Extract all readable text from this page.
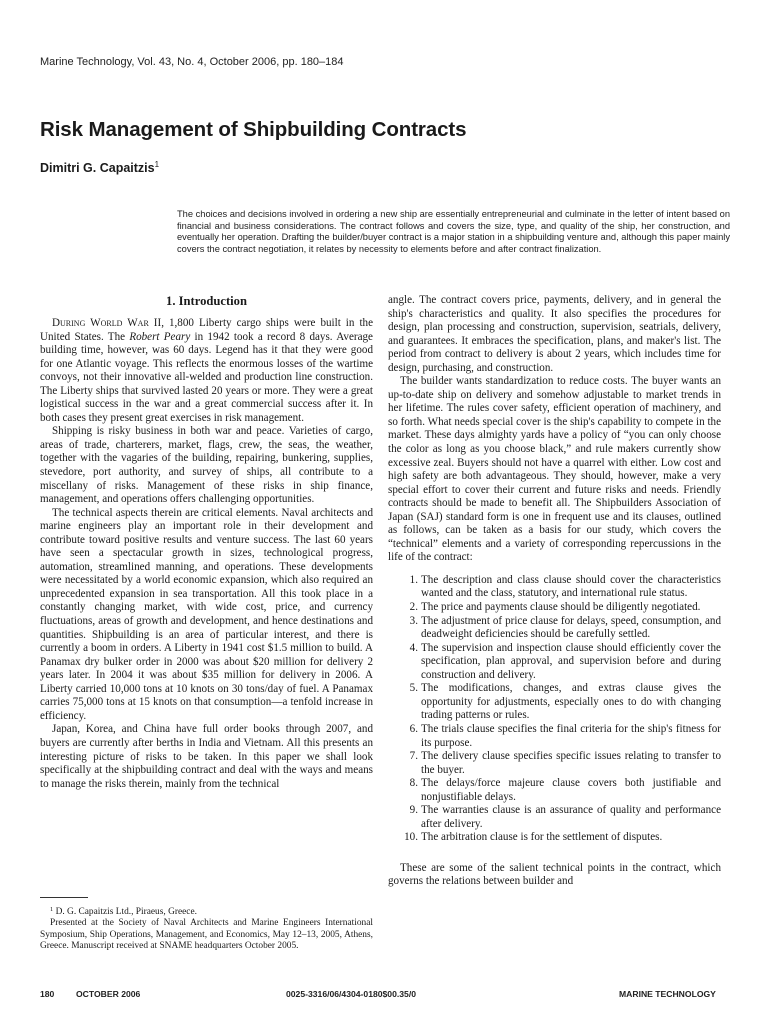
Marine Technology, Vol. 43, No. 4, October 2006, pp. 180–184
Risk Management of Shipbuilding Contracts
Dimitri G. Capaitzis$^1$

The choices and decisions involved in ordering a new ship are essentially entrepreneurial and culminate in the letter of intent based on financial and business considerations. The contract follows and covers the size, type, and quality of the ship, her construction, and eventually her operation. Drafting the builder/buyer contract is a major station in a shipbuilding venture and, although this paper mainly covers the contract negotiation, it relates by necessity to elements before and after contract finalization.

1. Introduction

During World War II, 1,800 Liberty cargo ships were built in the United States. The Robert Peary in 1942 took a record 8 days. Average building time, however, was 60 days. Legend has it that they were good for one Atlantic voyage. This reflects the enormous losses of the wartime convoys, not their innovative all-welded and production line construction. The Liberty ships that survived lasted 20 years or more. They were a great logistical success in the war and a great commercial success after it. In both cases they present great exercises in risk management.

Shipping is risky business in both war and peace. Varieties of cargo, areas of trade, charterers, market, flags, crew, the seas, the weather, together with the vagaries of the building, repairing, bunkering, supplies, stevedore, port authority, and survey of ships, all contribute to a miscellany of risks. Management of these risks in ship finance, management, and operations offers challenging opportunities.

The technical aspects therein are critical elements. Naval architects and marine engineers play an important role in their development and contribute toward positive results and venture success. The last 60 years have seen a spectacular growth in sizes, technological progress, automation, streamlined manning, and operations. These developments were necessitated by a world economic expansion, which also required an unprecedented expansion in sea transportation. All this took place in a constantly changing market, with wide cost, price, and currency fluctuations, areas of growth and development, and hence destinations and quantities. Shipbuilding is an area of particular interest, and there is currently a boom in orders. A Liberty in 1941 cost $1.5 million to build. A Panamax dry bulker order in 2000 was about $20 million for delivery 2 years later. In 2004 it was about $35 million for delivery in 2006. A Liberty carried 10,000 tons at 10 knots on 30 tons/day of fuel. A Panamax carries 75,000 tons at 15 knots on that consumption—a tenfold increase in efficiency.

Japan, Korea, and China have full order books through 2007, and buyers are currently after berths in India and Vietnam. All this presents an interesting picture of risks to be taken. In this paper we shall look specifically at the shipbuilding contract and deal with the ways and means to manage the risks therein, mainly from the technical

angle. The contract covers price, payments, delivery, and in general the ship's characteristics and quality. It also specifies the procedures for design, plan processing and construction, supervision, seatrials, delivery, and guarantees. It embraces the specification, plans, and maker's list. The period from contract to delivery is about 2 years, which includes time for design, purchasing, and construction.

The builder wants standardization to reduce costs. The buyer wants an up-to-date ship on delivery and somehow adjustable to market trends in her lifetime. The rules cover safety, efficient operation of machinery, and so forth. What needs special cover is the ship's capability to compete in the market. These days almighty yards have a policy of “you can only choose the color as long as you choose black,” and rule makers currently show excessive zeal. Buyers should not have a quarrel with either. Low cost and high safety are both advantageous. They should, however, make a very special effort to cover their current and future risks and needs. Friendly contracts should be made to benefit all. The Shipbuilders Association of Japan (SAJ) standard form is one in frequent use and its clauses, outlined as follows, can be taken as a basis for our study, which covers the “technical” elements and a variety of corresponding repercussions in the life of the contract:

1. The description and class clause should cover the characteristics wanted and the class, statutory, and international rule status.
2. The price and payments clause should be diligently negotiated.
3. The adjustment of price clause for delays, speed, consumption, and deadweight deficiencies should be carefully settled.
4. The supervision and inspection clause should efficiently cover the specification, plan approval, and supervision before and during construction and delivery.
5. The modifications, changes, and extras clause gives the opportunity for adjustments, especially ones to do with changing trading patterns or rules.
6. The trials clause specifies the final criteria for the ship's fitness for its purpose.
7. The delivery clause specifies specific issues relating to transfer to the buyer.
8. The delays/force majeure clause covers both justifiable and nonjustifiable delays.
9. The warranties clause is an assurance of quality and performance after delivery.
10. The arbitration clause is for the settlement of disputes.

These are some of the salient technical points in the contract, which governs the relations between builder and

$^1$ D. G. Capaitzis Ltd., Piraeus, Greece.

Presented at the Society of Naval Architects and Marine Engineers International Symposium, Ship Operations, Management, and Economics, May 12–13, 2005, Athens, Greece. Manuscript received at SNAME headquarters October 2005.

180	OCTOBER 2006	0025-3316/06/4304-0180$00.35/0	MARINE TECHNOLOGY
